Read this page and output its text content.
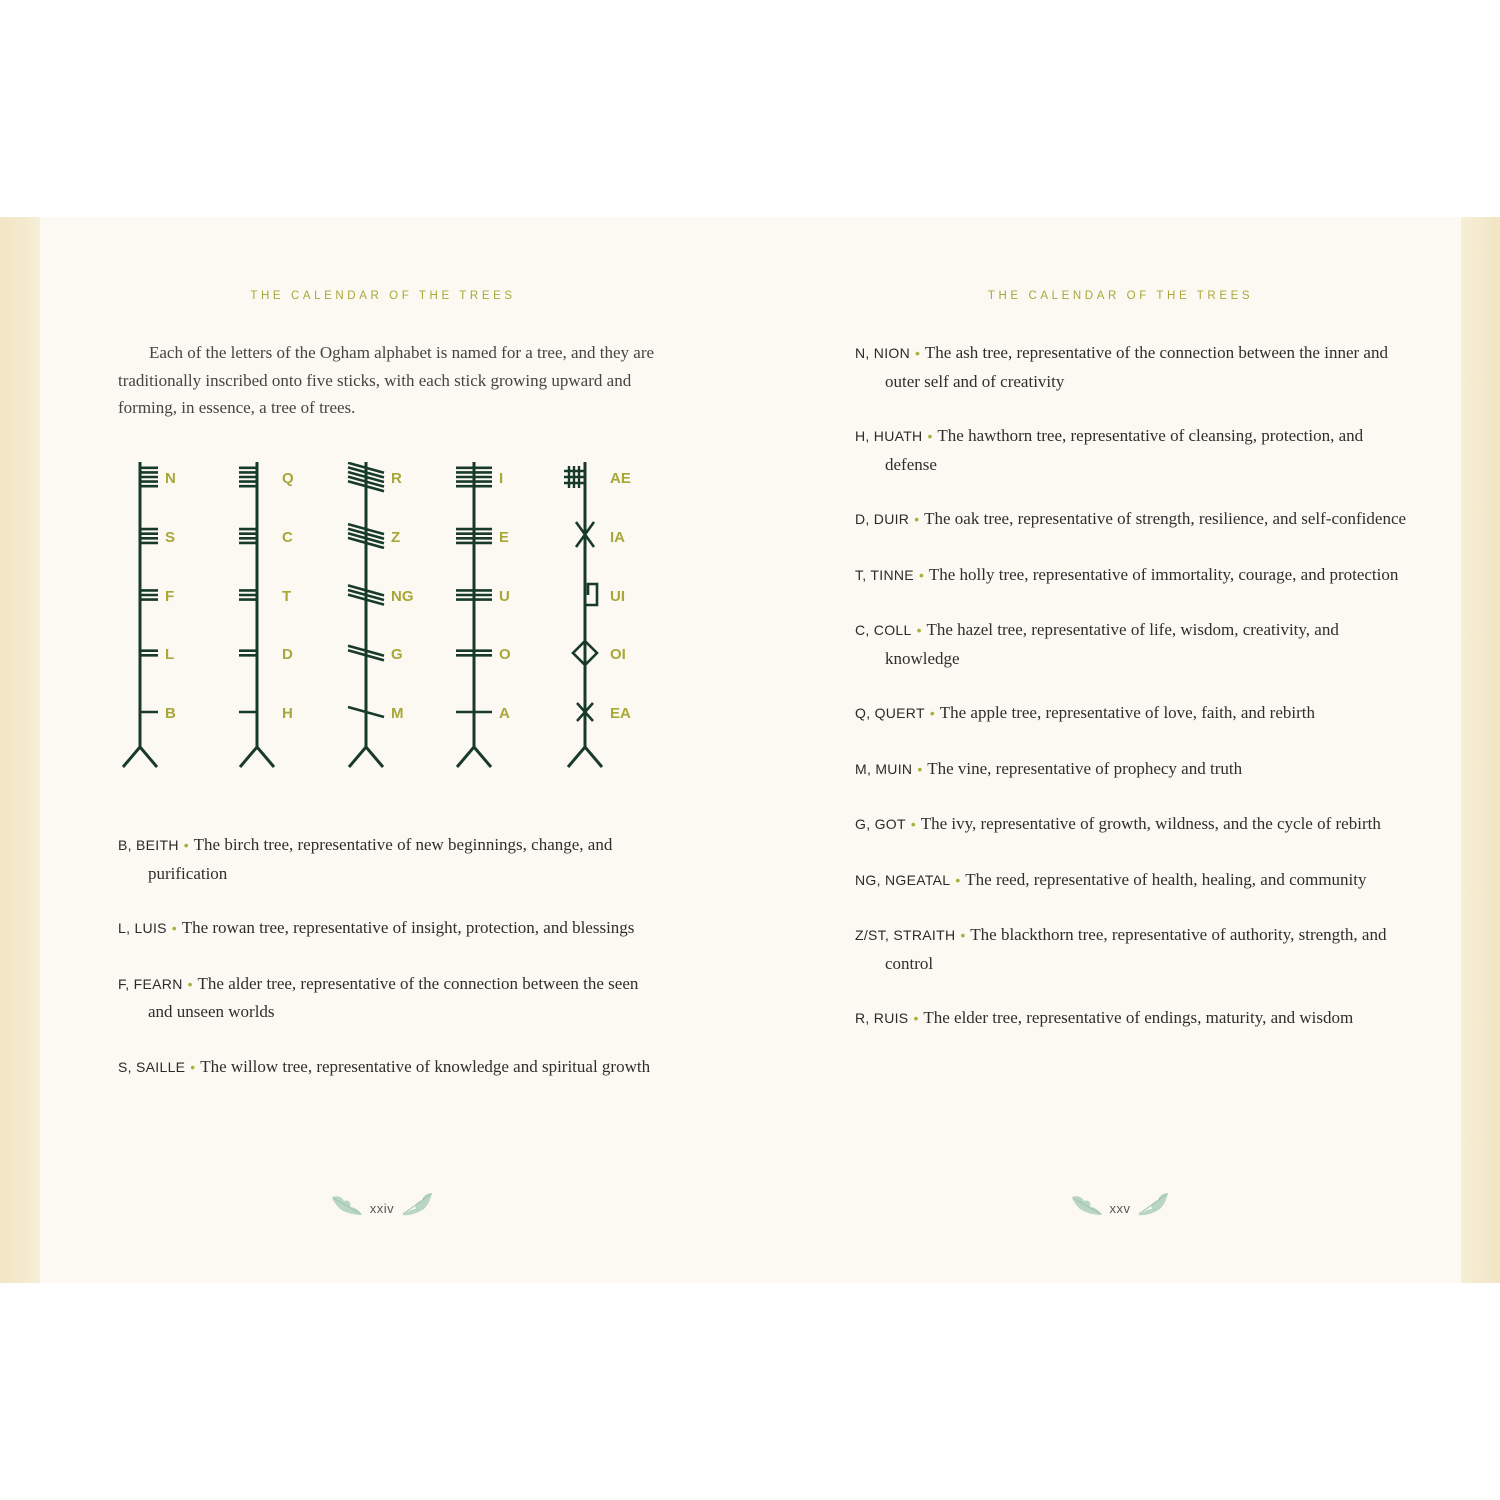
THE CALENDAR OF THE TREES

Each of the letters of the Ogham alphabet is named for a tree, and they are traditionally inscribed onto five sticks, with each stick growing upward and forming, in essence, a tree of trees.

N
S
F
L
B
Q
C
T
D
H
R
Z
NG
G
M
I
E
U
O
A
AE
IA
UI
OI
EA
B, BEITH • The birch tree, representative of new beginnings, change, and purification
L, LUIS • The rowan tree, representative of insight, protection, and blessings
F, FEARN • The alder tree, representative of the connection between the seen and unseen worlds
S, SAILLE • The willow tree, representative of knowledge and spiritual growth
xxiv
THE CALENDAR OF THE TREES
N, NION • The ash tree, representative of the connection between the inner and outer self and of creativity
H, HUATH • The hawthorn tree, representative of cleansing, protection, and defense
D, DUIR • The oak tree, representative of strength, resilience, and self-confidence
T, TINNE • The holly tree, representative of immortality, courage, and protection
C, COLL • The hazel tree, representative of life, wisdom, creativity, and knowledge
Q, QUERT • The apple tree, representative of love, faith, and rebirth
M, MUIN • The vine, representative of prophecy and truth
G, GOT • The ivy, representative of growth, wildness, and the cycle of rebirth
NG, NGEATAL • The reed, representative of health, healing, and community
Z/ST, STRAITH • The blackthorn tree, representative of authority, strength, and control
R, RUIS • The elder tree, representative of endings, maturity, and wisdom
xxv
